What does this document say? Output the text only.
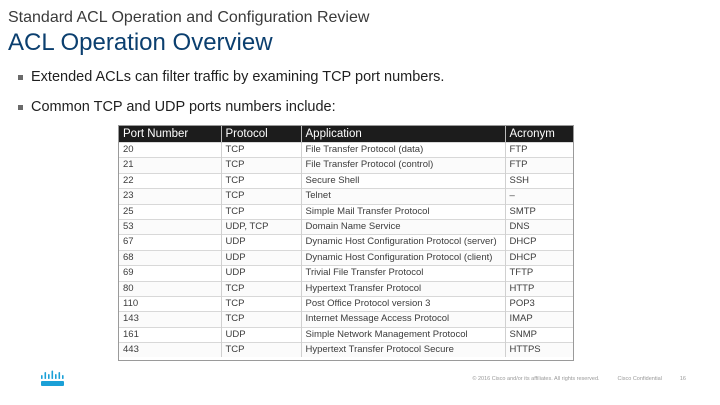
Standard ACL Operation and Configuration Review
ACL Operation Overview
Extended ACLs can filter traffic by examining TCP port numbers.
Common TCP and UDP ports numbers include:
Port Number	Protocol	Application	Acronym
20	TCP	File Transfer Protocol (data)	FTP
21	TCP	File Transfer Protocol (control)	FTP
22	TCP	Secure Shell	SSH
23	TCP	Telnet	–
25	TCP	Simple Mail Transfer Protocol	SMTP
53	UDP, TCP	Domain Name Service	DNS
67	UDP	Dynamic Host Configuration Protocol (server)	DHCP
68	UDP	Dynamic Host Configuration Protocol (client)	DHCP
69	UDP	Trivial File Transfer Protocol	TFTP
80	TCP	Hypertext Transfer Protocol	HTTP
110	TCP	Post Office Protocol version 3	POP3
143	TCP	Internet Message Access Protocol	IMAP
161	UDP	Simple Network Management Protocol	SNMP
443	TCP	Hypertext Transfer Protocol Secure	HTTPS
© 2016 Cisco and/or its affiliates. All rights reserved.	Cisco Confidential	16
